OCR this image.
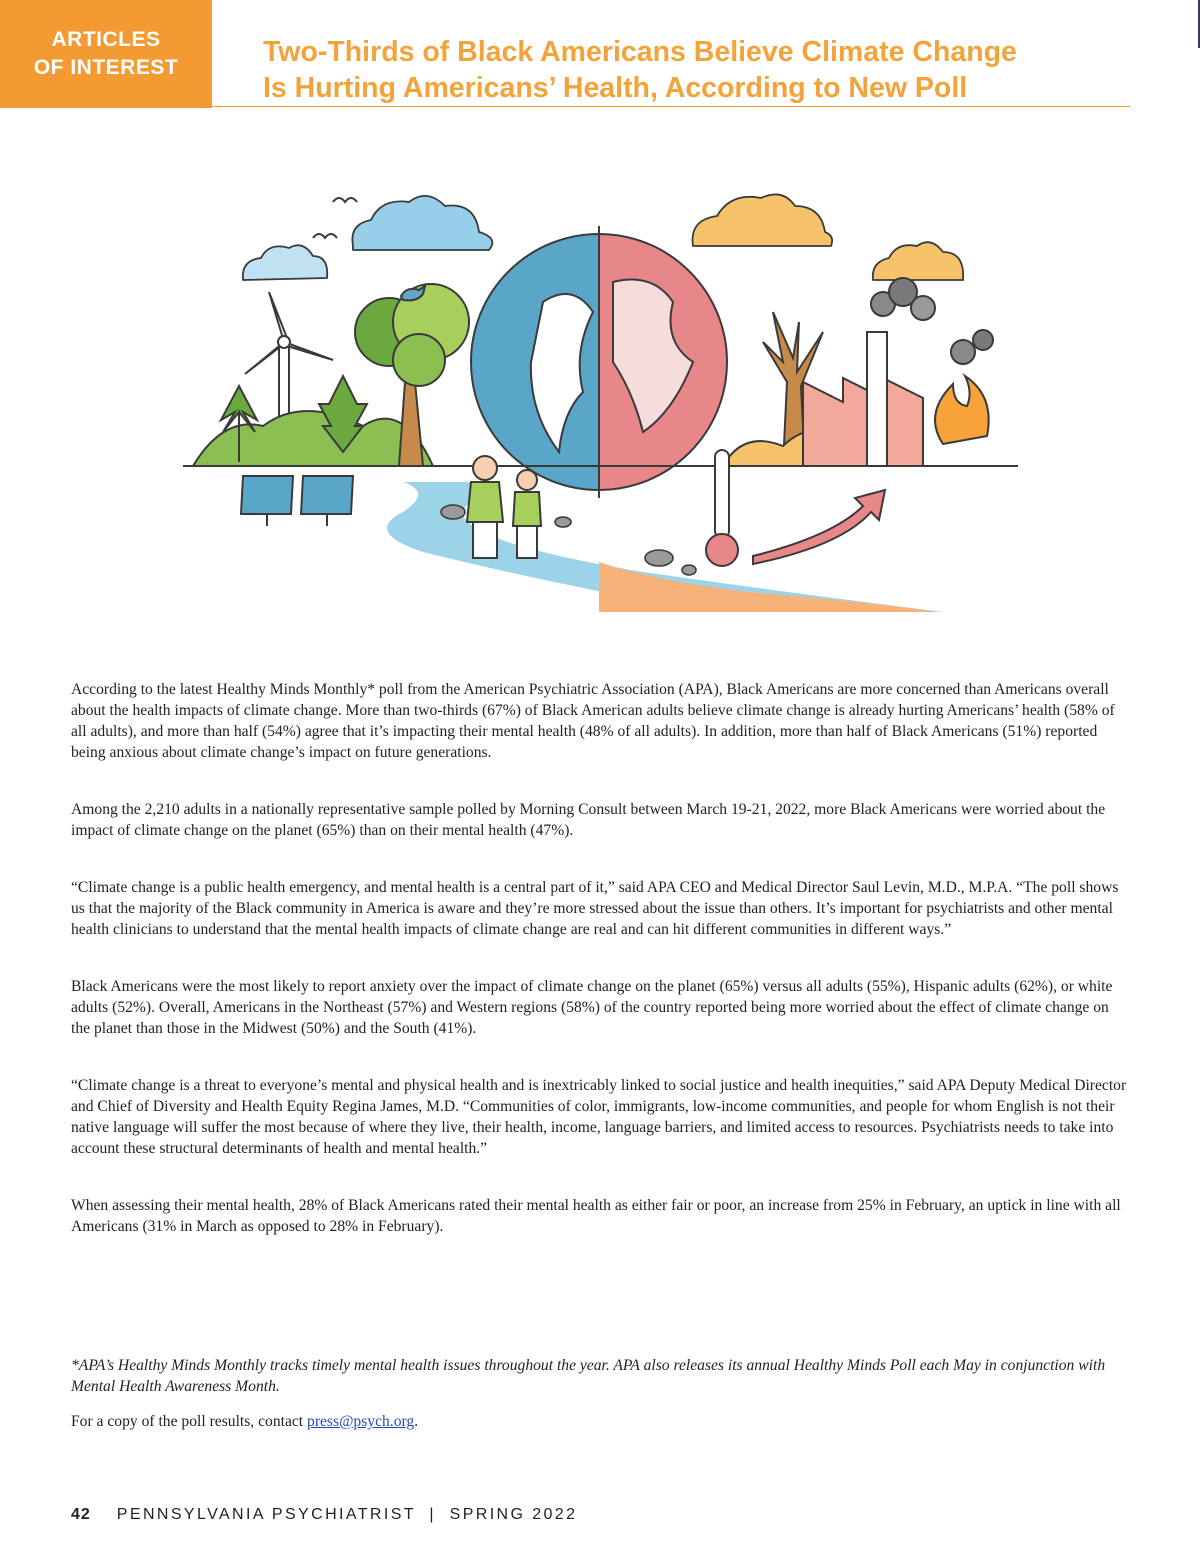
ARTICLES
OF INTEREST	Two-Thirds of Black Americans Believe Climate Change
Is Hurting Americans’ Health, According to New Poll

According to the latest Healthy Minds Monthly* poll from the American Psychiatric Association (APA), Black Americans are more concerned than Americans overall about the health impacts of climate change. More than two-thirds (67%) of Black American adults believe climate change is already hurting Americans’ health (58% of all adults), and more than half (54%) agree that it’s impacting their mental health (48% of all adults). In addition, more than half of Black Americans (51%) reported being anxious about climate change’s impact on future generations.

Among the 2,210 adults in a nationally representative sample polled by Morning Consult between March 19-21, 2022, more Black Americans were worried about the impact of climate change on the planet (65%) than on their mental health (47%).

“Climate change is a public health emergency, and mental health is a central part of it,” said APA CEO and Medical Director Saul Levin, M.D., M.P.A. “The poll shows us that the majority of the Black community in America is aware and they’re more stressed about the issue than others. It’s important for psychiatrists and other mental health clinicians to understand that the mental health impacts of climate change are real and can hit different communities in different ways.”

Black Americans were the most likely to report anxiety over the impact of climate change on the planet (65%) versus all adults (55%), Hispanic adults (62%), or white adults (52%). Overall, Americans in the Northeast (57%) and Western regions (58%) of the country reported being more worried about the effect of climate change on the planet than those in the Midwest (50%) and the South (41%).

“Climate change is a threat to everyone’s mental and physical health and is inextricably linked to social justice and health inequities,” said APA Deputy Medical Director and Chief of Diversity and Health Equity Regina James, M.D. “Communities of color, immigrants, low-income communities, and people for whom English is not their native language will suffer the most because of where they live, their health, income, language barriers, and limited access to resources. Psychiatrists needs to take into account these structural determinants of health and mental health.”

When assessing their mental health, 28% of Black Americans rated their mental health as either fair or poor, an increase from 25% in February, an uptick in line with all Americans (31% in March as opposed to 28% in February).

*APA’s Healthy Minds Monthly tracks timely mental health issues throughout the year. APA also releases its annual Healthy Minds Poll each May in conjunction with Mental Health Awareness Month.

For a copy of the poll results, contact press@psych.org.

42 PENNSYLVANIA PSYCHIATRIST  |  SPRING 2022
